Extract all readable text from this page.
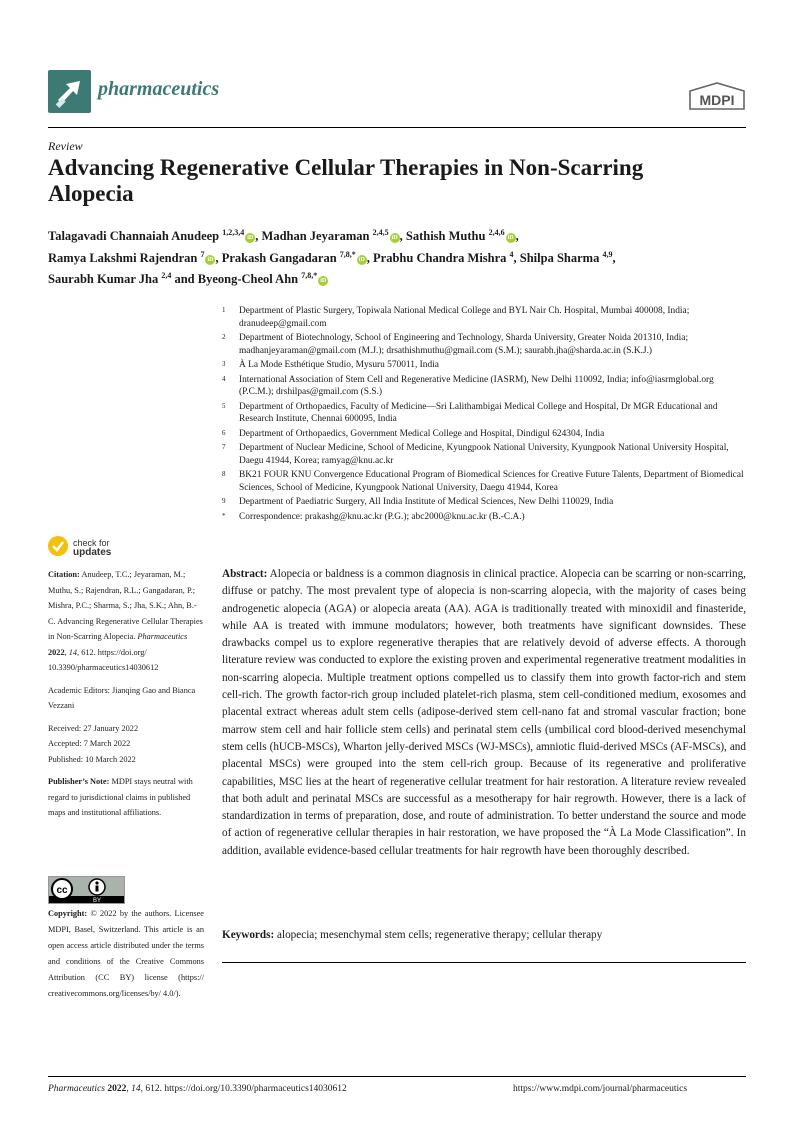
pharmaceutics	MDPI
Review
Advancing Regenerative Cellular Therapies in Non-Scarring Alopecia
Talagavadi Channaiah Anudeep $^{1,2,3,4}$iD , Madhan Jeyaraman $^{2,4,5}$iD , Sathish Muthu $^{2,4,6}$iD ,
Ramya Lakshmi Rajendran $^7$iD , Prakash Gangadaran $^{7,8,*}$iD , Prabhu Chandra Mishra $^4$, Shilpa Sharma $^{4,9}$,
Saurabh Kumar Jha $^{2,4}$ and Byeong-Cheol Ahn $^{7,8,*}$iD
1	Department of Plastic Surgery, Topiwala National Medical College and BYL Nair Ch. Hospital, Mumbai 400008, India; dranudeep@gmail.com
2	Department of Biotechnology, School of Engineering and Technology, Sharda University, Greater Noida 201310, India; madhanjeyaraman@gmail.com (M.J.); drsathishmuthu@gmail.com (S.M.); saurabh.jha@sharda.ac.in (S.K.J.)
3	À La Mode Esthétique Studio, Mysuru 570011, India
4	International Association of Stem Cell and Regenerative Medicine (IASRM), New Delhi 110092, India; info@iasrmglobal.org (P.C.M.); drshilpas@gmail.com (S.S.)
5	Department of Orthopaedics, Faculty of Medicine—Sri Lalithambigai Medical College and Hospital, Dr MGR Educational and Research Institute, Chennai 600095, India
6	Department of Orthopaedics, Government Medical College and Hospital, Dindigul 624304, India
7	Department of Nuclear Medicine, School of Medicine, Kyungpook National University, Kyungpook National University Hospital, Daegu 41944, Korea; ramyag@knu.ac.kr
8	BK21 FOUR KNU Convergence Educational Program of Biomedical Sciences for Creative Future Talents, Department of Biomedical Sciences, School of Medicine, Kyungpook National University, Daegu 41944, Korea
9	Department of Paediatric Surgery, All India Institute of Medical Sciences, New Delhi 110029, India
*	Correspondence: prakashg@knu.ac.kr (P.G.); abc2000@knu.ac.kr (B.-C.A.)
check for
updates

Citation: Anudeep, T.C.; Jeyaraman, M.; Muthu, S.; Rajendran, R.L.; Gangadaran, P.; Mishra, P.C.; Sharma, S.; Jha, S.K.; Ahn, B.-C. Advancing Regenerative Cellular Therapies in Non-Scarring Alopecia. Pharmaceutics 2022, 14, 612. https://doi.org/ 10.3390/pharmaceutics14030612

Academic Editors: Jianqing Gao and Bianca Vezzani

Received: 27 January 2022
Accepted: 7 March 2022

Published: 10 March 2022

Publisher’s Note: MDPI stays neutral with regard to jurisdictional claims in published maps and institutional affiliations.

cc
BY
Copyright: © 2022 by the authors. Licensee MDPI, Basel, Switzerland. This article is an open access article distributed under the terms and conditions of the Creative Commons Attribution (CC BY) license (https:// creativecommons.org/licenses/by/ 4.0/).
Abstract: Alopecia or baldness is a common diagnosis in clinical practice. Alopecia can be scarring or non-scarring, diffuse or patchy. The most prevalent type of alopecia is non-scarring alopecia, with the majority of cases being androgenetic alopecia (AGA) or alopecia areata (AA). AGA is traditionally treated with minoxidil and finasteride, while AA is treated with immune modulators; however, both treatments have significant downsides. These drawbacks compel us to explore regenerative therapies that are relatively devoid of adverse effects. A thorough literature review was conducted to explore the existing proven and experimental regenerative treatment modalities in non-scarring alopecia. Multiple treatment options compelled us to classify them into growth factor-rich and stem cell-rich. The growth factor-rich group included platelet-rich plasma, stem cell-conditioned medium, exosomes and placental extract whereas adult stem cells (adipose-derived stem cell-nano fat and stromal vascular fraction; bone marrow stem cell and hair follicle stem cells) and perinatal stem cells (umbilical cord blood-derived mesenchymal stem cells (hUCB-MSCs), Wharton jelly-derived MSCs (WJ-MSCs), amniotic fluid-derived MSCs (AF-MSCs), and placental MSCs) were grouped into the stem cell-rich group. Because of its regenerative and proliferative capabilities, MSC lies at the heart of regenerative cellular treatment for hair restoration. A literature review revealed that both adult and perinatal MSCs are successful as a mesotherapy for hair regrowth. However, there is a lack of standardization in terms of preparation, dose, and route of administration. To better understand the source and mode of action of regenerative cellular therapies in hair restoration, we have proposed the “À La Mode Classification”. In addition, available evidence-based cellular treatments for hair regrowth have been thoroughly described.
Keywords: alopecia; mesenchymal stem cells; regenerative therapy; cellular therapy
Pharmaceutics 2022, 14, 612. https://doi.org/10.3390/pharmaceutics14030612	https://www.mdpi.com/journal/pharmaceutics
